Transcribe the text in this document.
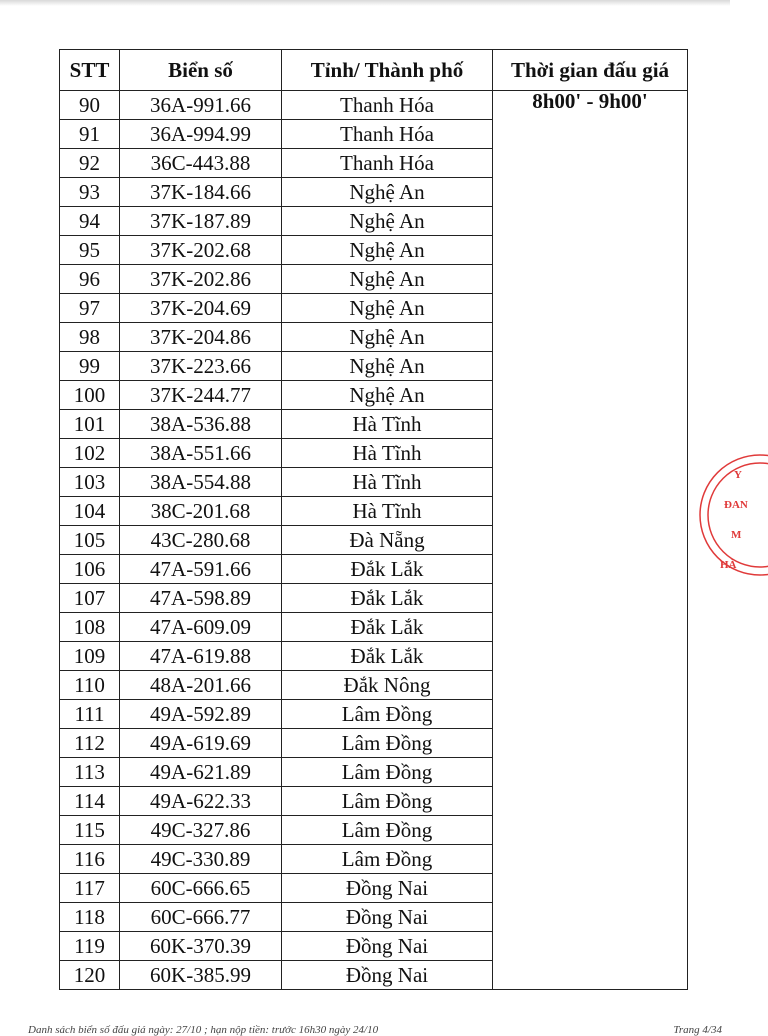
STT	Biển số	Tỉnh/ Thành phố	Thời gian đấu giá
90	36A-991.66	Thanh Hóa	8h00' - 9h00'
91	36A-994.99	Thanh Hóa	
92	36C-443.88	Thanh Hóa	
93	37K-184.66	Nghệ An	
94	37K-187.89	Nghệ An	
95	37K-202.68	Nghệ An	
96	37K-202.86	Nghệ An	
97	37K-204.69	Nghệ An	
98	37K-204.86	Nghệ An	
99	37K-223.66	Nghệ An	
100	37K-244.77	Nghệ An	
101	38A-536.88	Hà Tĩnh	
102	38A-551.66	Hà Tĩnh	
103	38A-554.88	Hà Tĩnh	
104	38C-201.68	Hà Tĩnh	
105	43C-280.68	Đà Nẵng	
106	47A-591.66	Đắk Lắk	
107	47A-598.89	Đắk Lắk	
108	47A-609.09	Đắk Lắk	
109	47A-619.88	Đắk Lắk	
110	48A-201.66	Đắk Nông	
111	49A-592.89	Lâm Đồng	
112	49A-619.69	Lâm Đồng	
113	49A-621.89	Lâm Đồng	
114	49A-622.33	Lâm Đồng	
115	49C-327.86	Lâm Đồng	
116	49C-330.89	Lâm Đồng	
117	60C-666.65	Đồng Nai	
118	60C-666.77	Đồng Nai	
119	60K-370.39	Đồng Nai	
120	60K-385.99	Đồng Nai	
Y
ĐAN
M
HÀ
Danh sách biển số đấu giá ngày: 27/10 ; hạn nộp tiền: trước 16h30 ngày 24/10	Trang 4/34
